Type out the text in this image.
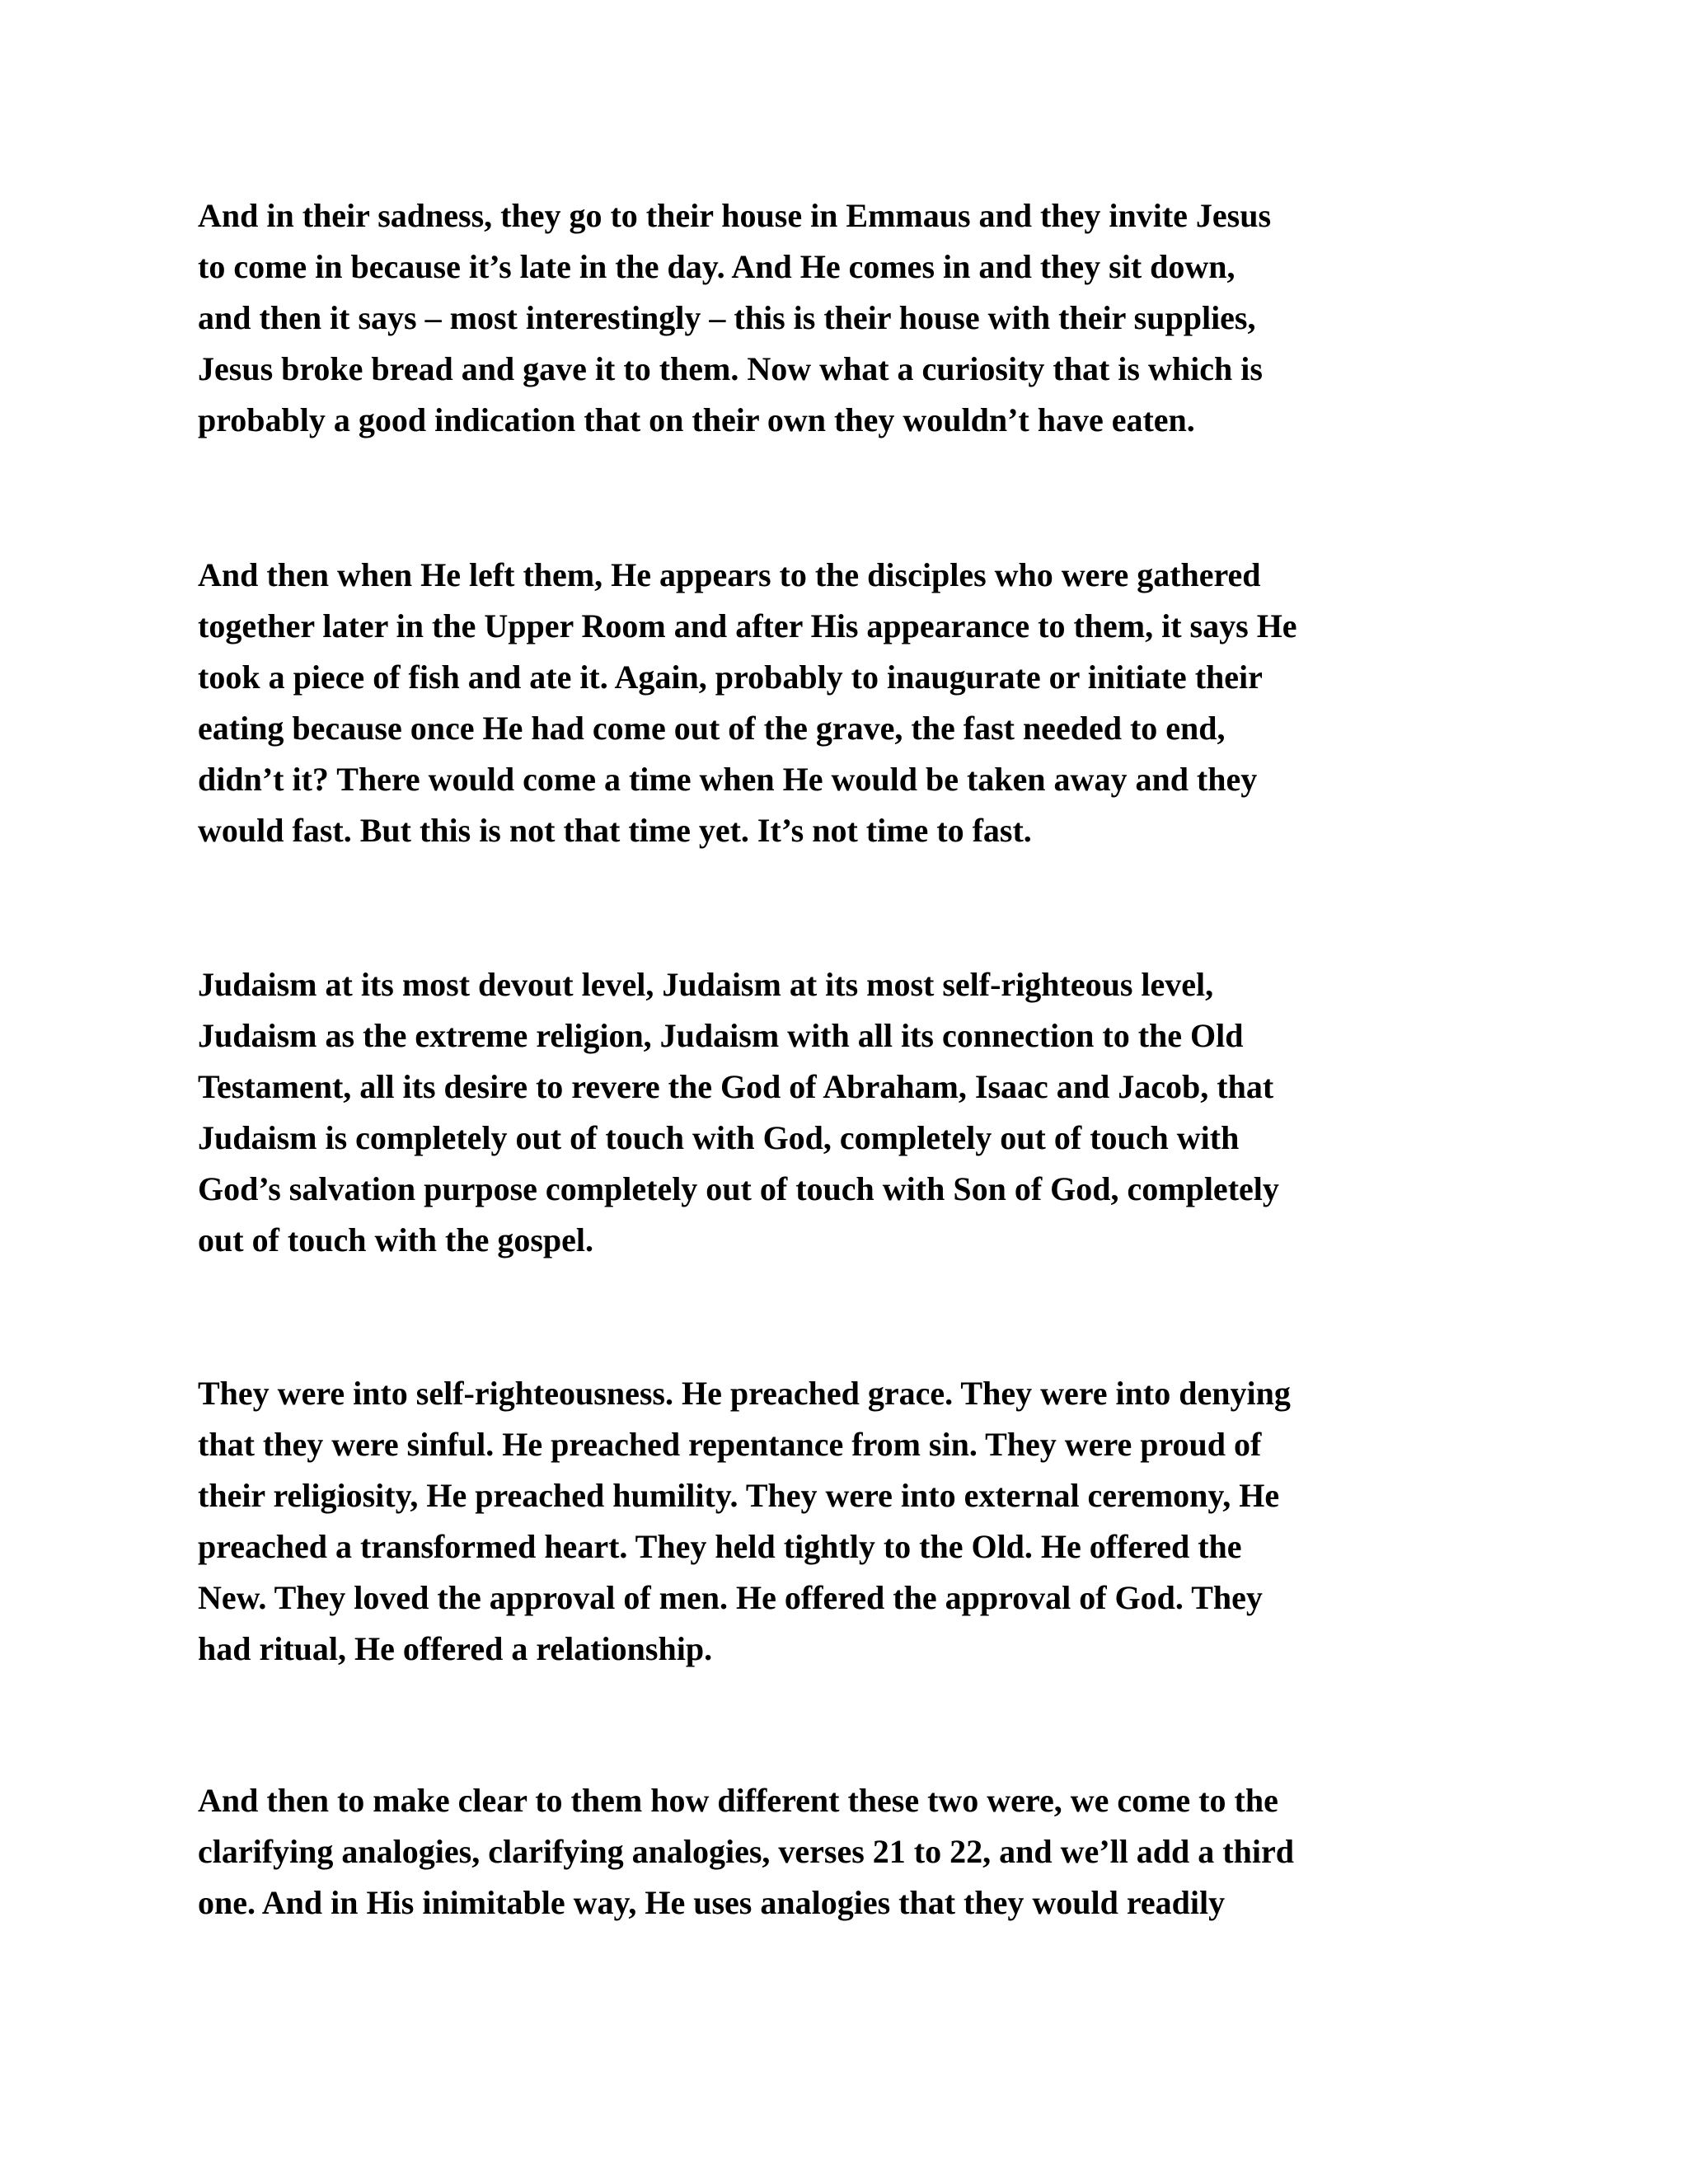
And in their sadness, they go to their house in Emmaus and they invite Jesus
to come in because it’s late in the day. And He comes in and they sit down,
and then it says – most interestingly – this is their house with their supplies,
Jesus broke bread and gave it to them. Now what a curiosity that is which is
probably a good indication that on their own they wouldn’t have eaten.

And then when He left them, He appears to the disciples who were gathered
together later in the Upper Room and after His appearance to them, it says He
took a piece of fish and ate it. Again, probably to inaugurate or initiate their
eating because once He had come out of the grave, the fast needed to end,
didn’t it? There would come a time when He would be taken away and they
would fast. But this is not that time yet. It’s not time to fast.

Judaism at its most devout level, Judaism at its most self-righteous level,
Judaism as the extreme religion, Judaism with all its connection to the Old
Testament, all its desire to revere the God of Abraham, Isaac and Jacob, that
Judaism is completely out of touch with God, completely out of touch with
God’s salvation purpose completely out of touch with Son of God, completely
out of touch with the gospel.

They were into self-righteousness. He preached grace. They were into denying
that they were sinful. He preached repentance from sin. They were proud of
their religiosity, He preached humility. They were into external ceremony, He
preached a transformed heart. They held tightly to the Old. He offered the
New. They loved the approval of men. He offered the approval of God. They
had ritual, He offered a relationship.

And then to make clear to them how different these two were, we come to the
clarifying analogies, clarifying analogies, verses 21 to 22, and we’ll add a third
one. And in His inimitable way, He uses analogies that they would readily
